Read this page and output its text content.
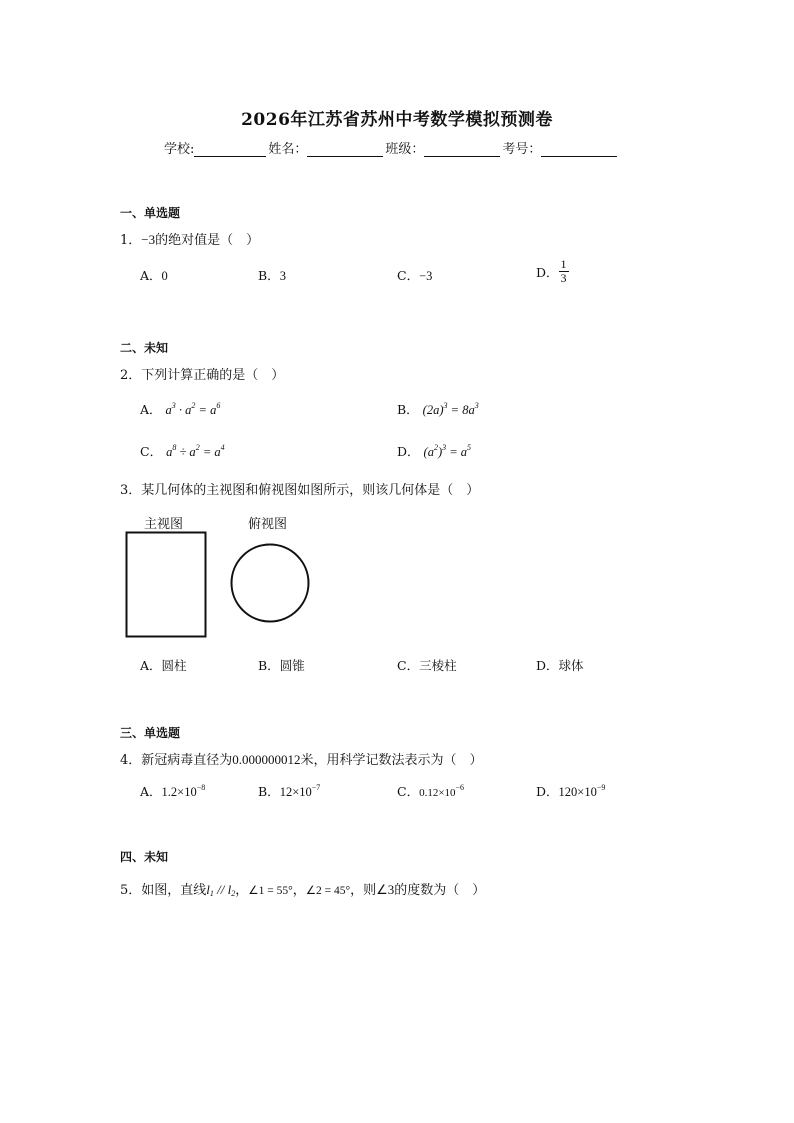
2026年江苏省苏州中考数学模拟预测卷
学校:	姓名：	班级：	考号：
一、单选题
1．−3的绝对值是（　）
A．0	B．3	C．−3	D． $\frac{1}{3}$
二、未知
2．下列计算正确的是（　）
A． $a^3 \cdot a^2 = a^6$	B． $(2a)^3 = 8a^3$
C． $a^8 \div a^2 = a^4$	D． $(a^2)^3 = a^5$
3．某几何体的主视图和俯视图如图所示，则该几何体是（　）
主视图	俯视图
A．圆柱	B．圆锥	C．三棱柱	D．球体
三、单选题
4．新冠病毒直径为0.000000012米，用科学记数法表示为（　）
A．$1.2\times 10^{-8}$	B．$12\times 10^{-7}$	C．$0.12\times 10^{-6}$	D．$120\times 10^{-9}$
四、未知
5．如图，直线$l_1 // l_2$，∠1 = 55°，∠2 = 45°，则∠3的度数为（　）
